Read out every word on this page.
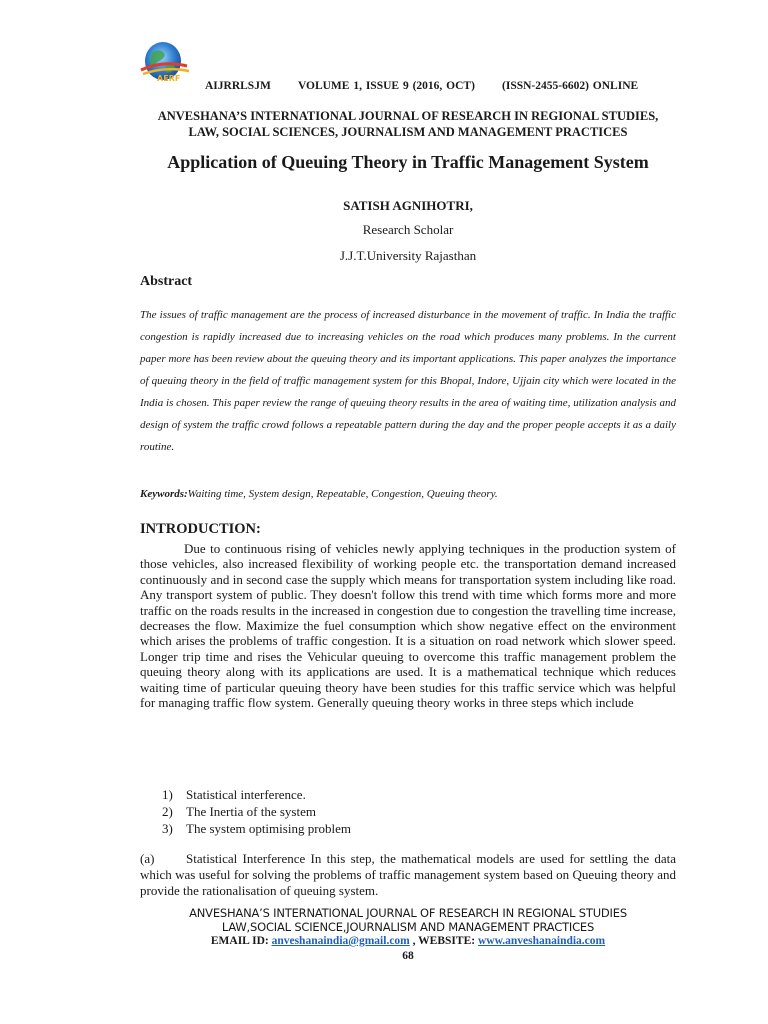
AERF
AIJRRLSJM VOLUME 1, ISSUE 9 (2016, OCT) (ISSN-2455-6602) ONLINE
ANVESHANA’S INTERNATIONAL JOURNAL OF RESEARCH IN REGIONAL STUDIES,
LAW, SOCIAL SCIENCES, JOURNALISM AND MANAGEMENT PRACTICES
Application of Queuing Theory in Traffic Management System
SATISH AGNIHOTRI,
Research Scholar
J.J.T.University Rajasthan
Abstract
The issues of traffic management are the process of increased disturbance in the movement of traffic. In India the traffic congestion is rapidly increased due to increasing vehicles on the road which produces many problems. In the current paper more has been review about the queuing theory and its important applications. This paper analyzes the importance of queuing theory in the field of traffic management system for this Bhopal, Indore, Ujjain city which were located in the India is chosen. This paper review the range of queuing theory results in the area of waiting time, utilization analysis and design of system the traffic crowd follows a repeatable pattern during the day and the proper people accepts it as a daily routine.
Keywords:Waiting time, System design, Repeatable, Congestion, Queuing theory.
INTRODUCTION:
Due to continuous rising of vehicles newly applying techniques in the production system of those vehicles, also increased flexibility of working people etc. the transportation demand increased continuously and in second case the supply which means for transportation system including like road. Any transport system of public. They doesn't follow this trend with time which forms more and more traffic on the roads results in the increased in congestion due to congestion the travelling time increase, decreases the flow. Maximize the fuel consumption which show negative effect on the environment which arises the problems of traffic congestion. It is a situation on road network which slower speed. Longer trip time and rises the Vehicular queuing to overcome this traffic management problem the queuing theory along with its applications are used. It is a mathematical technique which reduces waiting time of particular queuing theory have been studies for this traffic service which was helpful for managing traffic flow system. Generally queuing theory works in three steps which include
1)	Statistical interference.
2)	The Inertia of the system
3)	The system optimising problem
(a) Statistical Interference In this step, the mathematical models are used for settling the data which was useful for solving the problems of traffic management system based on Queuing theory and provide the rationalisation of queuing system.
ANVESHANA’S INTERNATIONAL JOURNAL OF RESEARCH IN REGIONAL STUDIES
LAW,SOCIAL SCIENCE,JOURNALISM AND MANAGEMENT PRACTICES
EMAIL ID: anveshanaindia@gmail.com , WEBSITE: www.anveshanaindia.com
68
